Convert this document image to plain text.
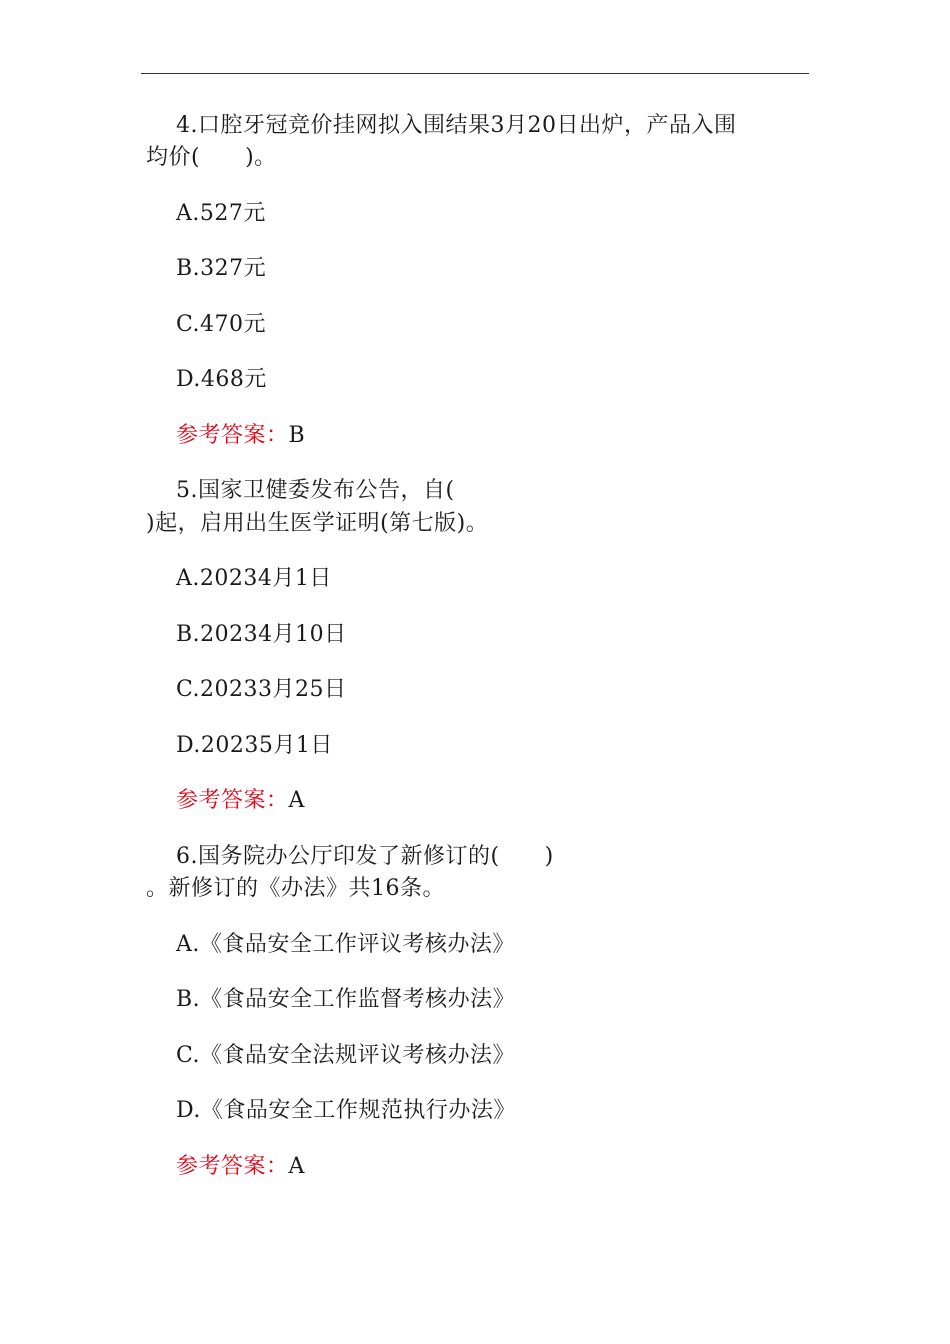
4.口腔牙冠竞价挂网拟入围结果3月20日出炉，产品入围
均价(　　)。
A.527元
B.327元
C.470元
D.468元
参考答案：B
5.国家卫健委发布公告，自(
)起，启用出生医学证明(第七版)。
A.20234月1日
B.20234月10日
C.20233月25日
D.20235月1日
参考答案：A
6.国务院办公厅印发了新修订的(　　)
。新修订的《办法》共16条。
A.《食品安全工作评议考核办法》
B.《食品安全工作监督考核办法》
C.《食品安全法规评议考核办法》
D.《食品安全工作规范执行办法》
参考答案：A
